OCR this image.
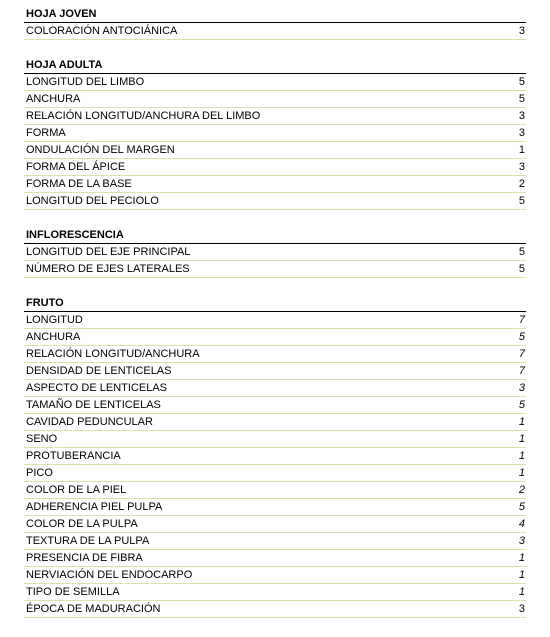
HOJA JOVEN
COLORACIÓN ANTOCIÁNICA	3
HOJA ADULTA
LONGITUD DEL LIMBO	5
ANCHURA	5
RELACIÓN LONGITUD/ANCHURA DEL LIMBO	3
FORMA	3
ONDULACIÓN DEL MARGEN	1
FORMA DEL ÁPICE	3
FORMA DE LA BASE	2
LONGITUD DEL PECIOLO	5
INFLORESCENCIA
LONGITUD DEL EJE PRINCIPAL	5
NÚMERO DE EJES LATERALES	5
FRUTO
LONGITUD	7
ANCHURA	5
RELACIÓN LONGITUD/ANCHURA	7
DENSIDAD DE LENTICELAS	7
ASPECTO DE LENTICELAS	3
TAMAÑO DE LENTICELAS	5
CAVIDAD PEDUNCULAR	1
SENO	1
PROTUBERANCIA	1
PICO	1
COLOR DE LA PIEL	2
ADHERENCIA PIEL PULPA	5
COLOR DE LA PULPA	4
TEXTURA DE LA PULPA	3
PRESENCIA DE FIBRA	1
NERVIACIÓN DEL ENDOCARPO	1
TIPO DE SEMILLA	1
ÉPOCA DE MADURACIÓN	3
